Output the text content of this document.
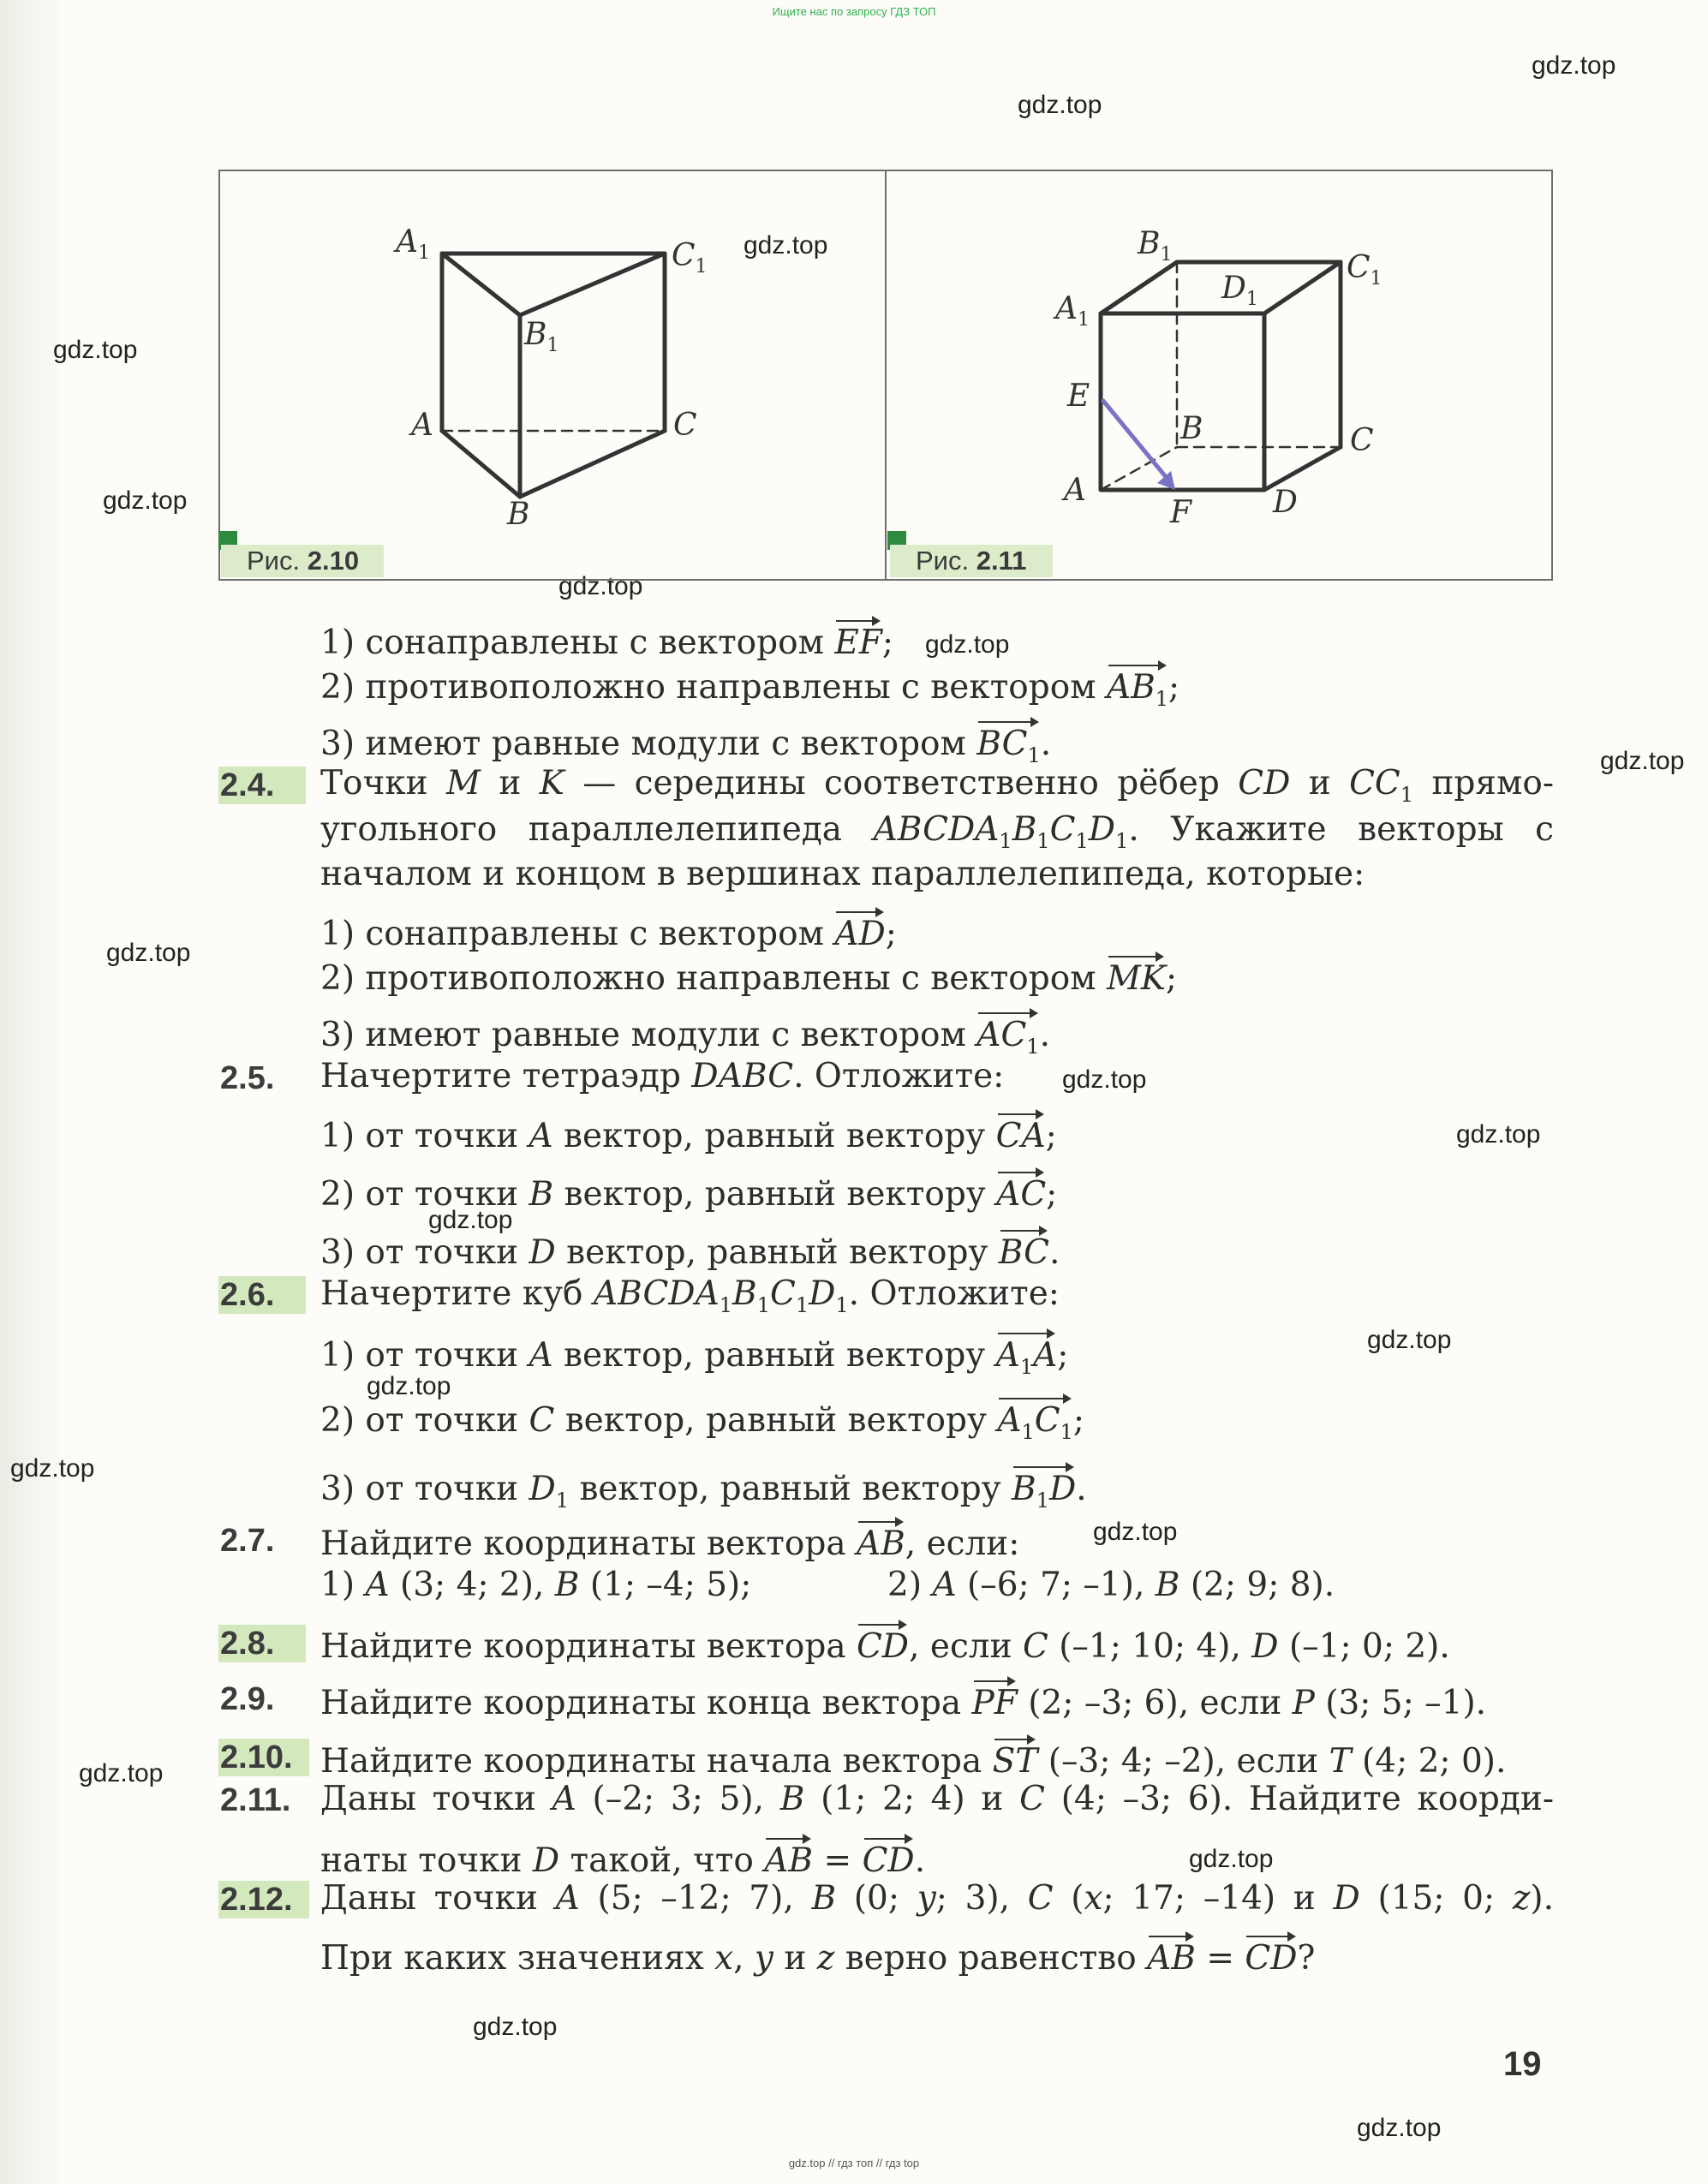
Ищите нас по запросу ГДЗ ТОП
gdz.top
gdz.top
gdz.top
gdz.top
gdz.top
gdz.top
gdz.top
gdz.top
gdz.top
gdz.top
gdz.top
gdz.top
gdz.top
gdz.top
gdz.top
gdz.top
gdz.top
gdz.top
gdz.top
gdz.top
Рис. 2.10	Рис. 2.11
$A_1$	$C_1$
$B_1$
A	C
B
$B_1$	$C_1$
$D_1$
$A_1$
E
B	C
A
F	D
1) сонаправлены с вектором EF;
2) противоположно направлены с вектором $AB_1$;
3) имеют равные модули с вектором $BC_1$.
2.4.	Точки M и K — середины соответственно рёбер CD и $CC_1$ прямо-
угольного параллелепипеда $ABCDA_1B_1C_1D_1$. Укажите векторы с
началом и концом в вершинах параллелепипеда, которые:
1) сонаправлены с вектором AD;
2) противоположно направлены с вектором MK;
3) имеют равные модули с вектором $AC_1$.
2.5.	Начертите тетраэдр DABC. Отложите:
1) от точки A вектор, равный вектору CA;
2) от точки B вектор, равный вектору AC;
3) от точки D вектор, равный вектору BC.
2.6.	Начертите куб $ABCDA_1B_1C_1D_1$. Отложите:
1) от точки A вектор, равный вектору $A_1A$;
2) от точки C вектор, равный вектору $A_1C_1$;
3) от точки $D_1$ вектор, равный вектору $B_1D$.
2.7.	Найдите координаты вектора AB, если:
1) A (3; 4; 2), B (1; –4; 5);	2) A (–6; 7; –1), B (2; 9; 8).
2.8.	Найдите координаты вектора CD, если C (–1; 10; 4), D (–1; 0; 2).
2.9.	Найдите координаты конца вектора PF (2; –3; 6), если P (3; 5; –1).
2.10. Найдите координаты начала вектора ST (–3; 4; –2), если T (4; 2; 0).
2.11. Даны точки A (–2; 3; 5), B (1; 2; 4) и C (4; –3; 6). Найдите коорди-
наты точки D такой, что AB = CD.
2.12. Даны точки A (5; –12; 7), B (0; y; 3), C (x; 17; –14) и D (15; 0; z).
При каких значениях x, y и z верно равенство AB = CD?
19
gdz.top // гдз топ // гдз top
